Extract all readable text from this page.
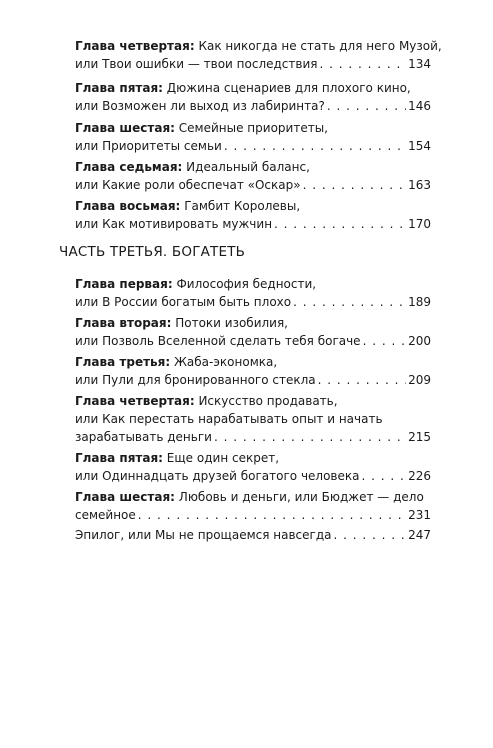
Глава четвертая: Как никогда не стать для него Музой,
или Твои ошибки — твои последствия . . .	134
Глава пятая: Дюжина сценариев для плохого кино,
или Возможен ли выход из лабиринта? . . .	146
Глава шестая: Семейные приоритеты,
или Приоритеты семьи . . .	154
Глава седьмая: Идеальный баланс,
или Какие роли обеспечат «Оскар» . . .	163
Глава восьмая: Гамбит Королевы,
или Как мотивировать мужчин . . .	170
ЧАСТЬ ТРЕТЬЯ. БОГАТЕТЬ
Глава первая: Философия бедности,
или В России богатым быть плохо . . .	189
Глава вторая: Потоки изобилия,
или Позволь Вселенной сделать тебя богаче . . .	200
Глава третья: Жаба-экономка,
или Пули для бронированного стекла . . .	209
Глава четвертая: Искусство продавать,
или Как перестать нарабатывать опыт и начать
зарабатывать деньги . . .	215
Глава пятая: Еще один секрет,
или Одиннадцать друзей богатого человека . . .	226
Глава шестая: Любовь и деньги, или Бюджет — дело
семейное . . .	231
Эпилог, или Мы не прощаемся навсегда . . .	247
